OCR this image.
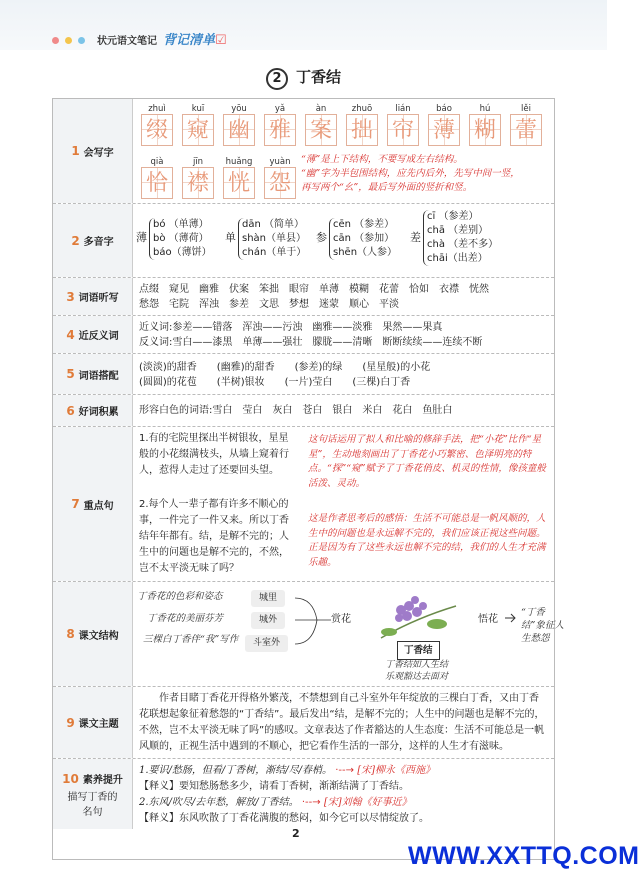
状元语文笔记 背记清单☑
2 丁香结
1 会写字
zhuì
缀
kuī
窥
yōu
幽
yǎ
雅
àn
案
zhuō
拙
lián
帘
báo
薄
hú
糊
lěi
蕾
qià
恰
jīn
襟
huǎng
恍
yuàn
怨
“薄”是上下结构，不要写成左右结构。
“幽”字为半包围结构，应先内后外，先写中间一竖，
再写两个“幺”，最后写外面的竖折和竖。
2 多音字 薄
bó （单薄）
bò （薄荷）
báo（薄饼）
单
dān （简单）
shàn（单县）
chán（单于）
参
cēn （参差）
cān （参加）
shēn（人参）
差
cī （参差）
chā （差别）
chà （差不多）
chāi（出差）
3 词语听写
点缀　窥见　幽雅　伏案　笨拙　眼帘　单薄　模糊　花蕾　恰如　衣襟　恍然
愁怨　宅院　浑浊　参差　文思　梦想　迷蒙　顺心　平淡
4 近反义词
近义词:参差——错落　浑浊——污浊　幽雅——淡雅　果然——果真
反义词:雪白——漆黑　单薄——强壮　朦胧——清晰　断断续续——连续不断
5 词语搭配
(淡淡)的甜香　　(幽雅)的甜香　　(参差)的绿　　(星星般)的小花
(圆圆)的花苞　　(半树)银妆　　(一片)莹白　　(三棵)白丁香
6 好词积累	形容白色的词语:雪白　莹白　灰白　苍白　银白　米白　花白　鱼肚白
7 重点句
1.有的宅院里探出半树银妆，星星般的小花缀满枝头，从墙上窥着行人，惹得人走过了还要回头望。
2.每个人一辈子都有许多不顺心的事，一件完了一件又来。所以丁香结年年都有。结，是解不完的；人生中的问题也是解不完的，不然，岂不太平淡无味了吗？
这句话运用了拟人和比喻的修辞手法，把“小花”比作“星星”，生动地刻画出了丁香花小巧繁密、色泽明亮的特点。“探”“窥”赋予了丁香花俏皮、机灵的性情，像孩童般活泼、灵动。
这是作者思考后的感悟：生活不可能总是一帆风顺的，人生中的问题也是永远解不完的，我们应该正视这些问题。正是因为有了这些永远也解不完的结，我们的人生才充满乐趣。
8 课文结构
丁香花的色彩和姿态
丁香花的美丽芬芳
三棵白丁香伴“我”写作
城里
城外
斗室外
赏花
丁香结
丁香结如人生结
乐观豁达去面对
悟花
“丁香结”象征人生愁怨
9 课文主题
作者目睹丁香花开得格外繁茂，不禁想到自己斗室外年年绽放的三棵白丁香，又由丁香花联想起象征着愁怨的“丁香结”。最后发出“结，是解不完的；人生中的问题也是解不完的，不然，岂不太平淡无味了吗”的感叹。文章表达了作者豁达的人生态度：生活不可能总是一帆风顺的，正视生活中遇到的不顺心，把它看作生活的一部分，这样的人生才有滋味。
10 素养提升
描写丁香的名句
1.要识/愁肠，但看/丁香树，渐结/尽/春梢。 ·‑‑→ [宋]柳永《西施》
【释义】要知愁肠愁多少，请看丁香树，渐渐结满了丁香结。
2.东风/吹尽/去年愁，解放/丁香结。 ·‑‑→ [宋]刘翰《好事近》
【释义】东风吹散了丁香花满腹的愁闷，如今它可以尽情绽放了。
2
WWW.XXTTQ.COM
